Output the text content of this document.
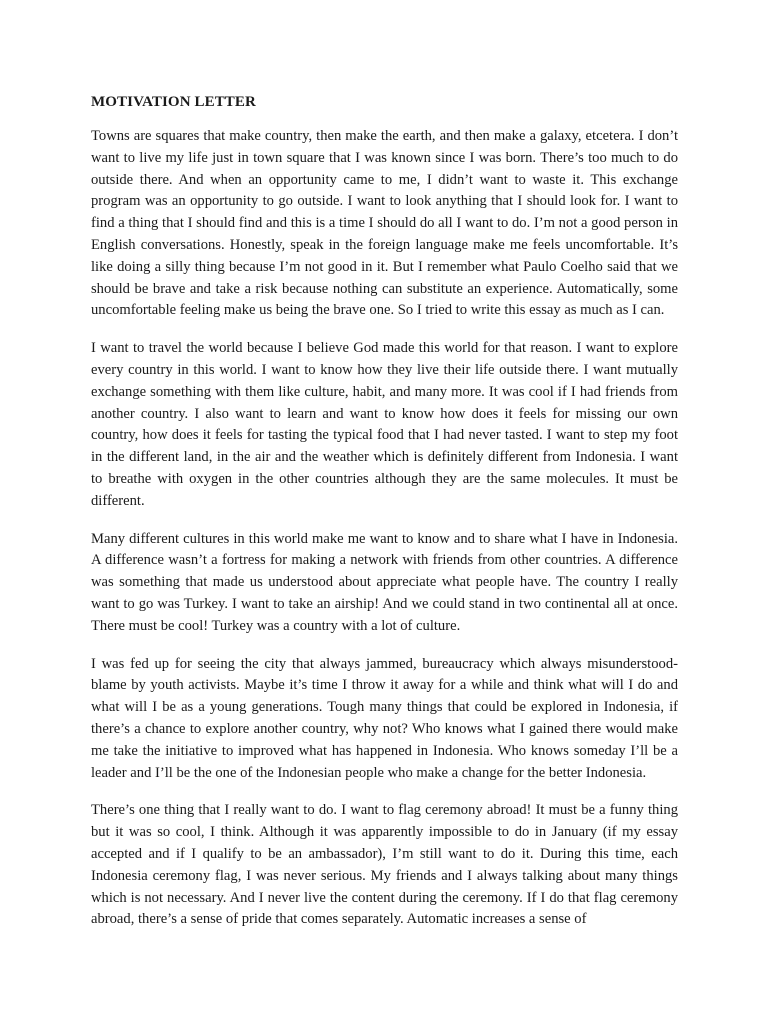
MOTIVATION LETTER

Towns are squares that make country, then make the earth, and then make a galaxy, etcetera. I don’t want to live my life just in town square that I was known since I was born. There’s too much to do outside there. And when an opportunity came to me, I didn’t want to waste it. This exchange program was an opportunity to go outside. I want to look anything that I should look for. I want to find a thing that I should find and this is a time I should do all I want to do. I’m not a good person in English conversations. Honestly, speak in the foreign language make me feels uncomfortable. It’s like doing a silly thing because I’m not good in it. But I remember what Paulo Coelho said that we should be brave and take a risk because nothing can substitute an experience. Automatically, some uncomfortable feeling make us being the brave one. So I tried to write this essay as much as I can.

I want to travel the world because I believe God made this world for that reason. I want to explore every country in this world. I want to know how they live their life outside there. I want mutually exchange something with them like culture, habit, and many more. It was cool if I had friends from another country. I also want to learn and want to know how does it feels for missing our own country, how does it feels for tasting the typical food that I had never tasted. I want to step my foot in the different land, in the air and the weather which is definitely different from Indonesia. I want to breathe with oxygen in the other countries although they are the same molecules. It must be different.

Many different cultures in this world make me want to know and to share what I have in Indonesia. A difference wasn’t a fortress for making a network with friends from other countries. A difference was something that made us understood about appreciate what people have. The country I really want to go was Turkey. I want to take an airship! And we could stand in two continental all at once. There must be cool! Turkey was a country with a lot of culture.

I was fed up for seeing the city that always jammed, bureaucracy which always misunderstood-blame by youth activists. Maybe it’s time I throw it away for a while and think what will I do and what will I be as a young generations. Tough many things that could be explored in Indonesia, if there’s a chance to explore another country, why not? Who knows what I gained there would make me take the initiative to improved what has happened in Indonesia. Who knows someday I’ll be a leader and I’ll be the one of the Indonesian people who make a change for the better Indonesia.

There’s one thing that I really want to do. I want to flag ceremony abroad! It must be a funny thing but it was so cool, I think. Although it was apparently impossible to do in January (if my essay accepted and if I qualify to be an ambassador), I’m still want to do it. During this time, each Indonesia ceremony flag, I was never serious. My friends and I always talking about many things which is not necessary. And I never live the content during the ceremony. If I do that flag ceremony abroad, there’s a sense of pride that comes separately. Automatic increases a sense of
